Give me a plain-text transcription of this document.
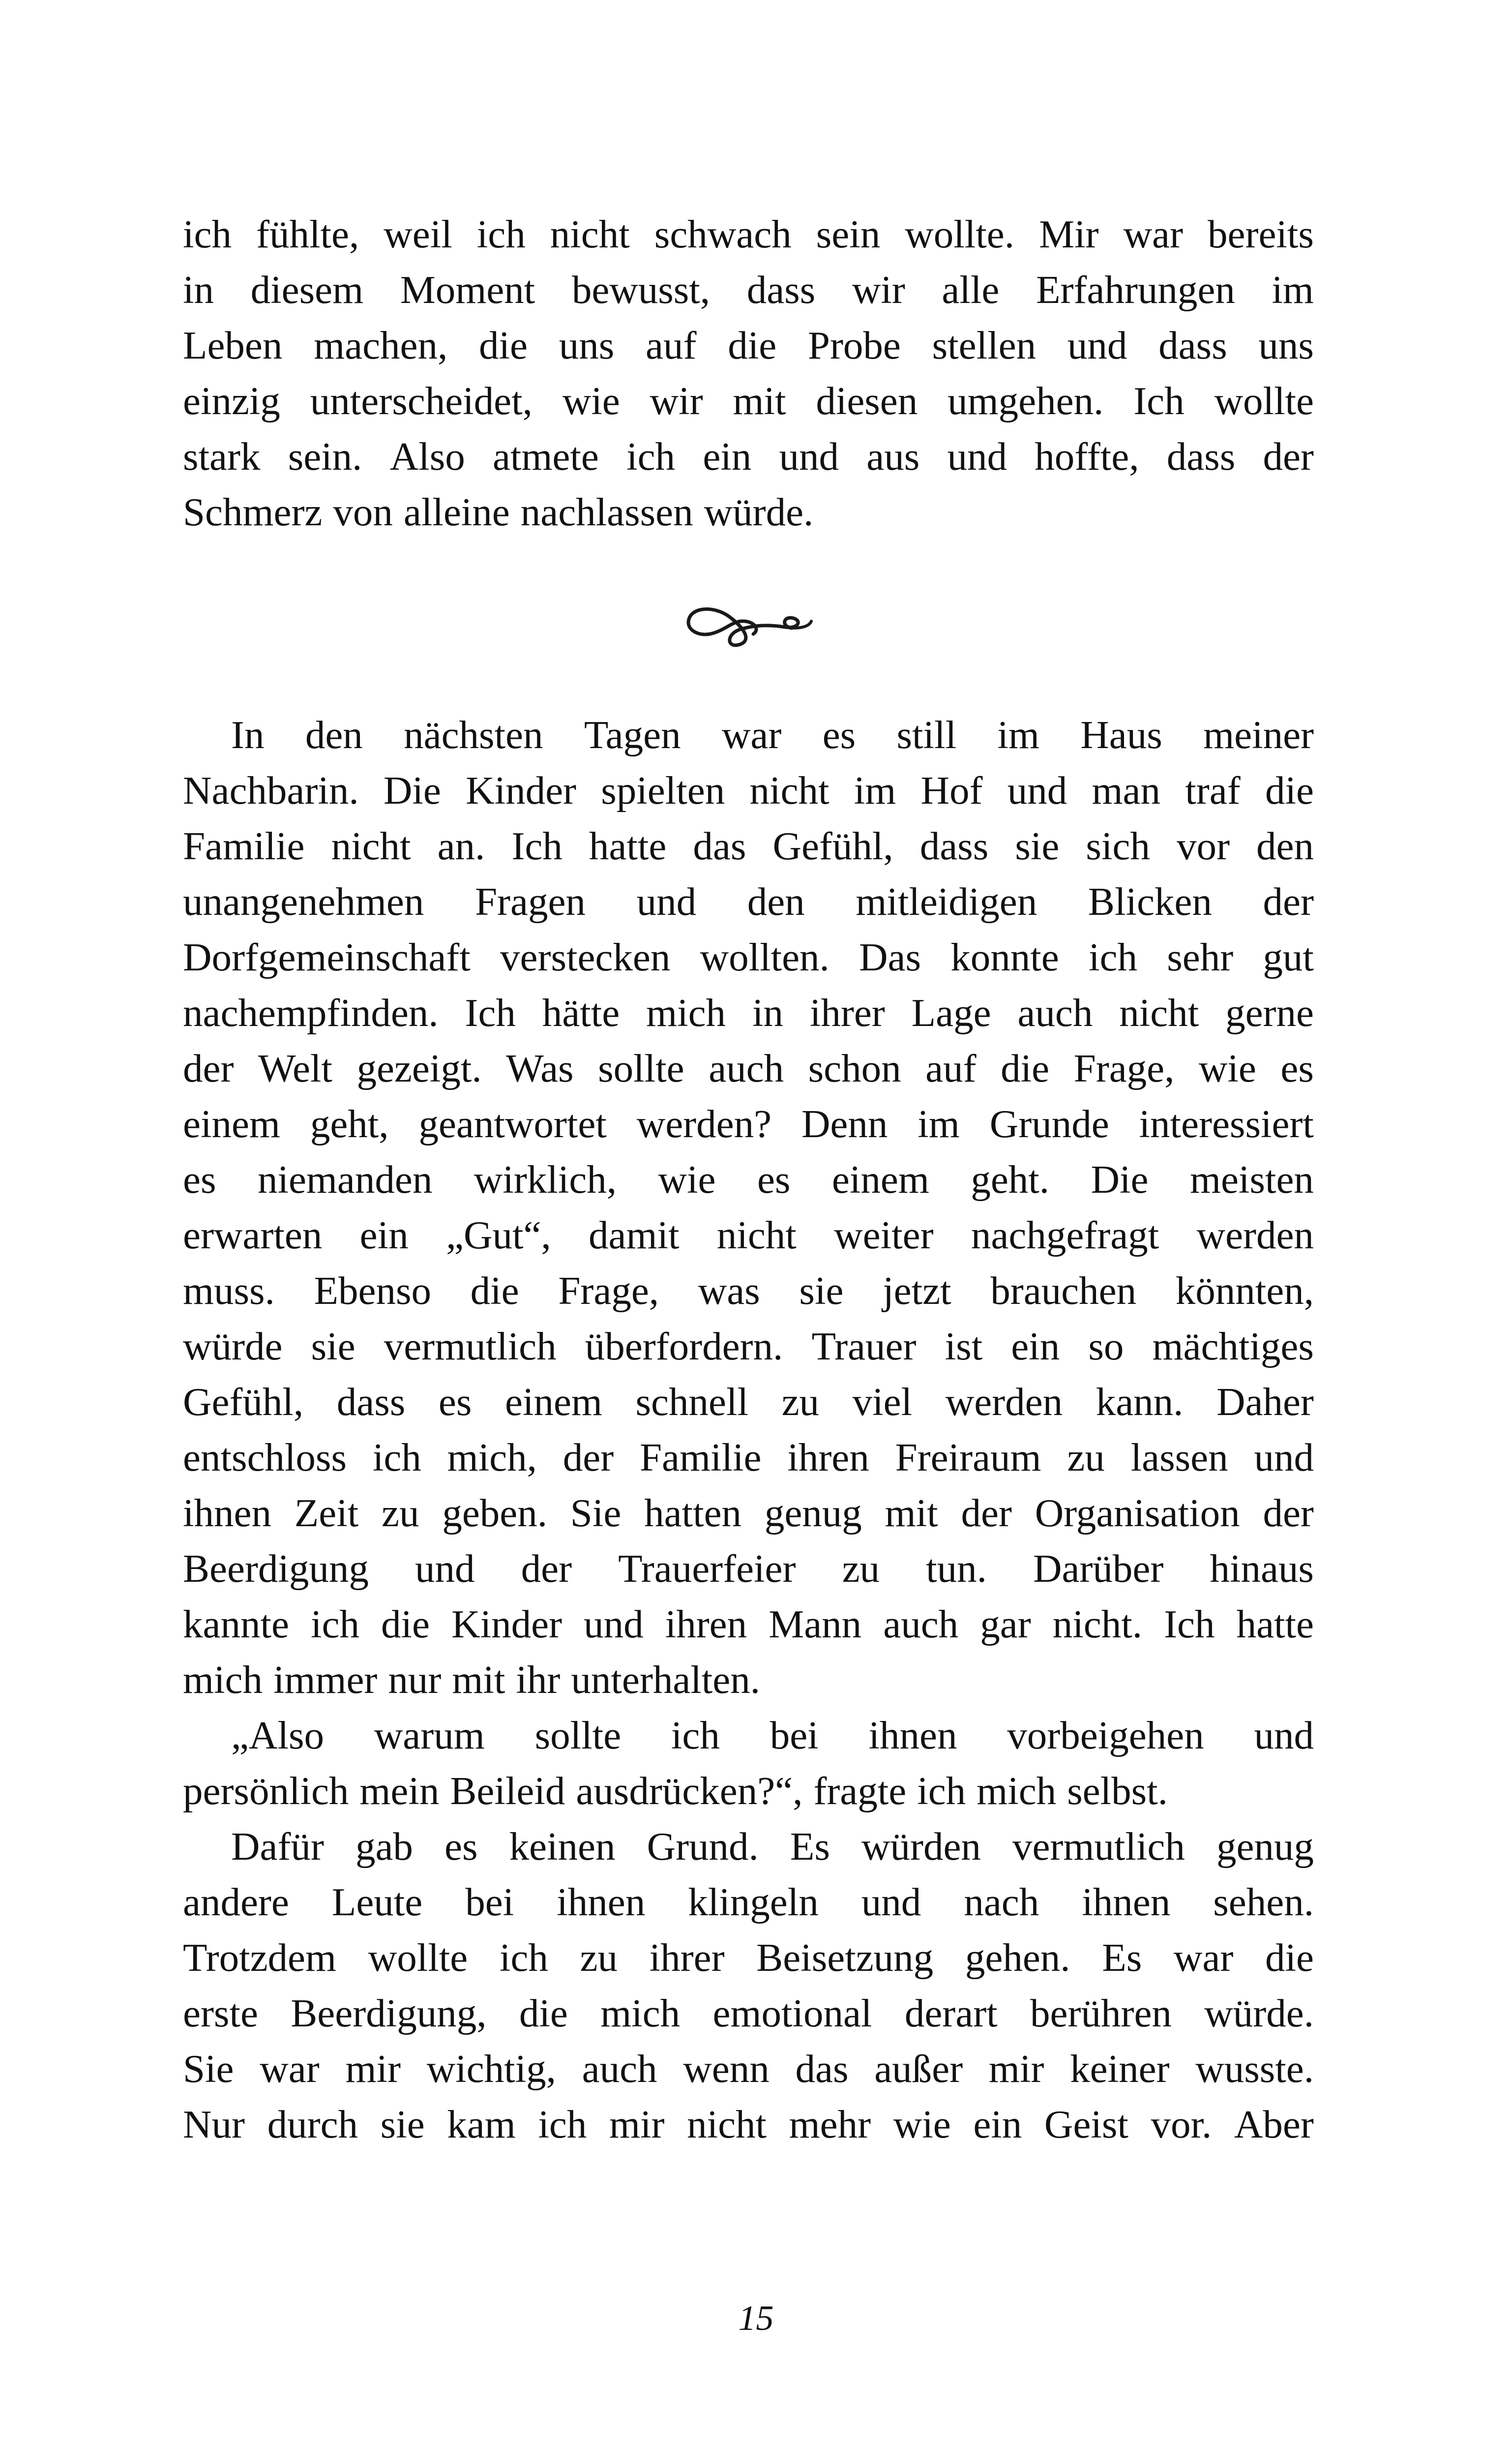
ich fühlte, weil ich nicht schwach sein wollte. Mir war bereits
in diesem Moment bewusst, dass wir alle Erfahrungen im
Leben machen, die uns auf die Probe stellen und dass uns
einzig unterscheidet, wie wir mit diesen umgehen. Ich wollte
stark sein. Also atmete ich ein und aus und hoffte, dass der
Schmerz von alleine nachlassen würde.
In den nächsten Tagen war es still im Haus meiner
Nachbarin. Die Kinder spielten nicht im Hof und man traf die
Familie nicht an. Ich hatte das Gefühl, dass sie sich vor den
unangenehmen Fragen und den mitleidigen Blicken der
Dorfgemeinschaft verstecken wollten. Das konnte ich sehr gut
nachempfinden. Ich hätte mich in ihrer Lage auch nicht gerne
der Welt gezeigt. Was sollte auch schon auf die Frage, wie es
einem geht, geantwortet werden? Denn im Grunde interessiert
es niemanden wirklich, wie es einem geht. Die meisten
erwarten ein „Gut“, damit nicht weiter nachgefragt werden
muss. Ebenso die Frage, was sie jetzt brauchen könnten,
würde sie vermutlich überfordern. Trauer ist ein so mächtiges
Gefühl, dass es einem schnell zu viel werden kann. Daher
entschloss ich mich, der Familie ihren Freiraum zu lassen und
ihnen Zeit zu geben. Sie hatten genug mit der Organisation der
Beerdigung und der Trauerfeier zu tun. Darüber hinaus
kannte ich die Kinder und ihren Mann auch gar nicht. Ich hatte
mich immer nur mit ihr unterhalten.
„Also warum sollte ich bei ihnen vorbeigehen und
persönlich mein Beileid ausdrücken?“, fragte ich mich selbst.
Dafür gab es keinen Grund. Es würden vermutlich genug
andere Leute bei ihnen klingeln und nach ihnen sehen.
Trotzdem wollte ich zu ihrer Beisetzung gehen. Es war die
erste Beerdigung, die mich emotional derart berühren würde.
Sie war mir wichtig, auch wenn das außer mir keiner wusste.
Nur durch sie kam ich mir nicht mehr wie ein Geist vor. Aber
15
